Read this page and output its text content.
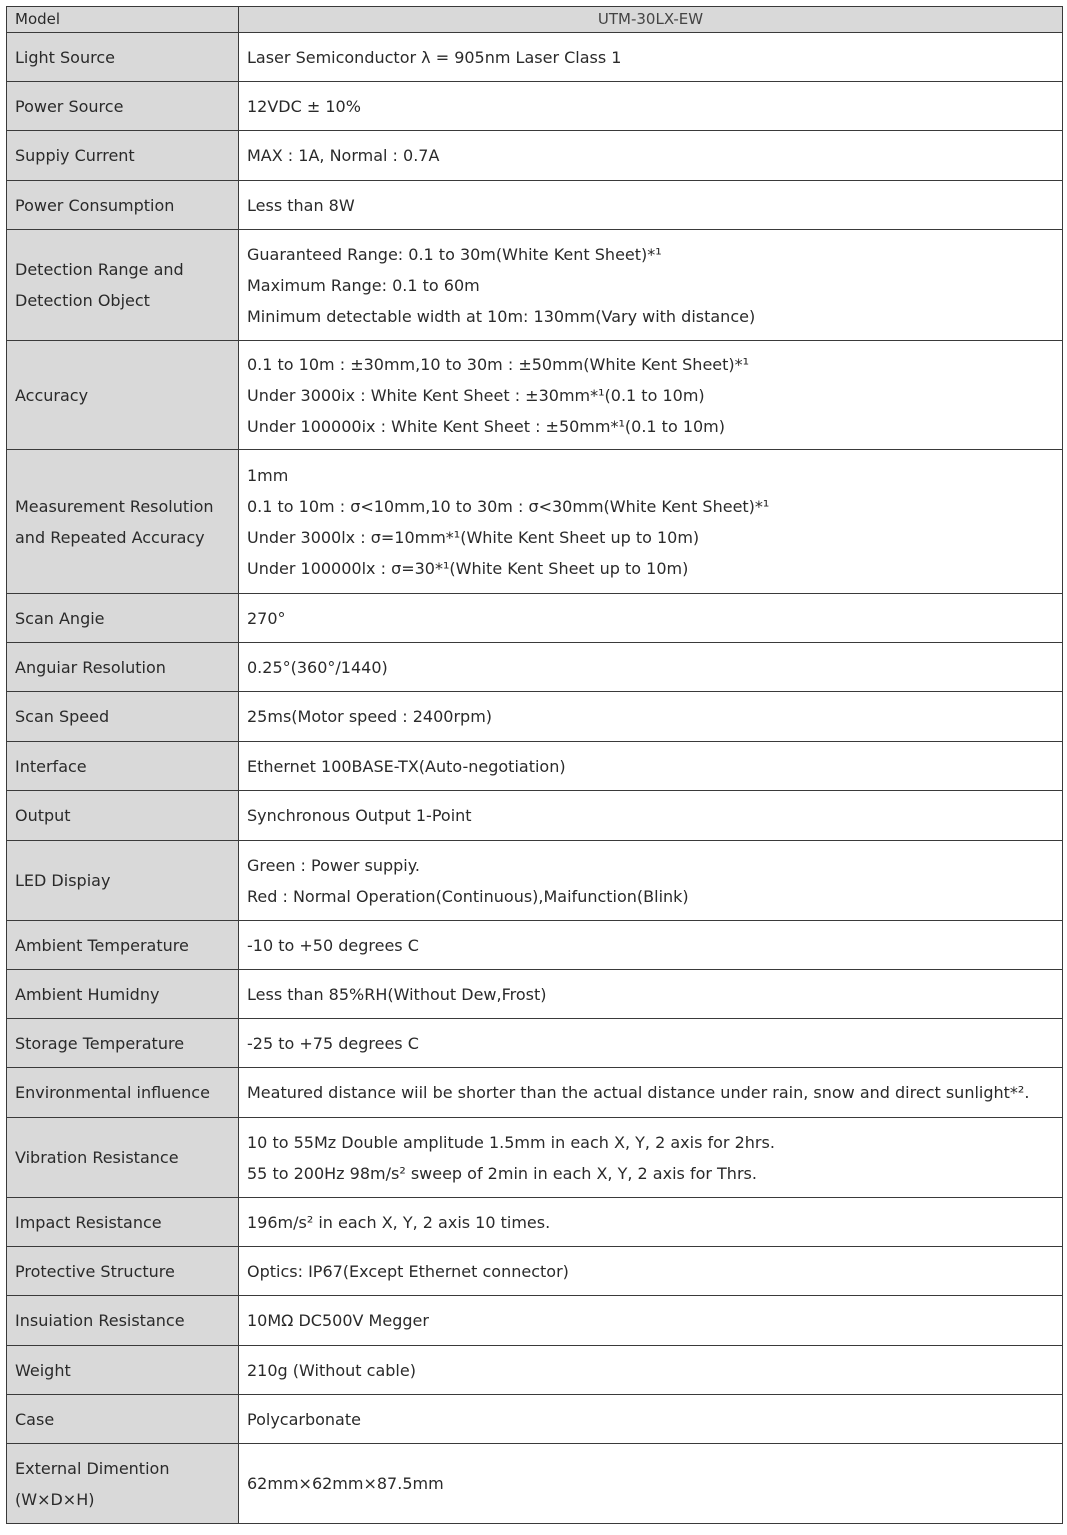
Model	UTM-30LX-EW

Light Source	Laser Semiconductor λ = 905nm Laser Class 1

Power Source	12VDC ± 10%

Suppiy Current	MAX : 1A, Normal : 0.7A

Power Consumption	Less than 8W

Detection Range and
Detection Object	Guaranteed Range: 0.1 to 30m(White Kent Sheet)*¹
Maximum Range: 0.1 to 60m
Minimum detectable width at 10m: 130mm(Vary with distance)

Accuracy	0.1 to 10m : ±30mm,10 to 30m : ±50mm(White Kent Sheet)*¹
Under 3000ix : White Kent Sheet : ±30mm*¹(0.1 to 10m)
Under 100000ix : White Kent Sheet : ±50mm*¹(0.1 to 10m)

Measurement Resolution
and Repeated Accuracy	1mm
0.1 to 10m : σ<10mm,10 to 30m : σ<30mm(White Kent Sheet)*¹
Under 3000lx : σ=10mm*¹(White Kent Sheet up to 10m)
Under 100000lx : σ=30*¹(White Kent Sheet up to 10m)

Scan Angie	270°

Anguiar Resolution	0.25°(360°/1440)

Scan Speed	25ms(Motor speed : 2400rpm)

Interface	Ethernet 100BASE-TX(Auto-negotiation)

Output	Synchronous Output 1-Point

LED Dispiay	Green : Power suppiy.
Red : Normal Operation(Continuous),Maifunction(Blink)

Ambient Temperature	-10 to +50 degrees C

Ambient Humidny	Less than 85%RH(Without Dew,Frost)

Storage Temperature	-25 to +75 degrees C

Environmental influence	Meatured distance wiil be shorter than the actual distance under rain, snow and direct sunlight*².

Vibration Resistance	10 to 55Mz Double amplitude 1.5mm in each X, Y, 2 axis for 2hrs.
55 to 200Hz 98m/s² sweep of 2min in each X, Y, 2 axis for Thrs.

Impact Resistance	196m/s² in each X, Y, 2 axis 10 times.

Protective Structure	Optics: IP67(Except Ethernet connector)

Insuiation Resistance	10MΩ DC500V Megger

Weight	210g (Without cable)

Case	Polycarbonate

External Dimention
(W×D×H)	62mm×62mm×87.5mm
